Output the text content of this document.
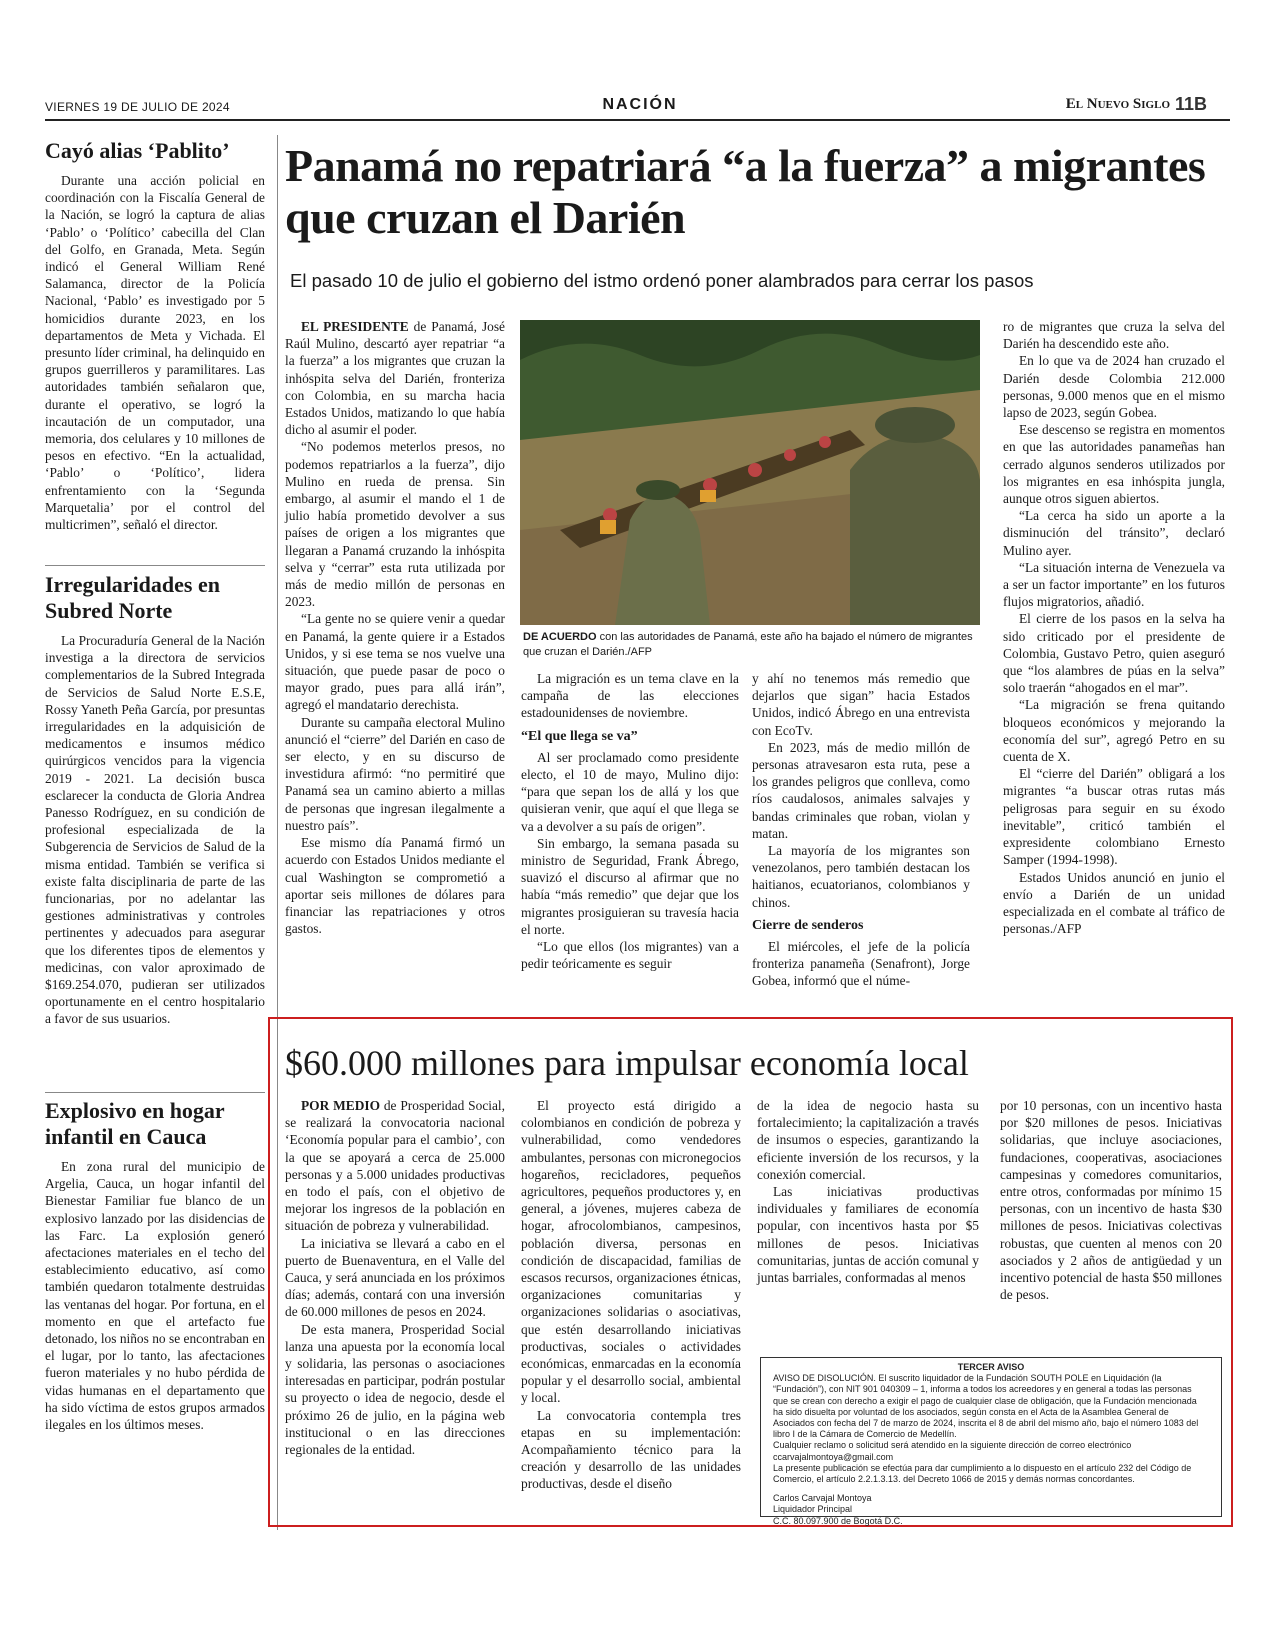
VIERNES 19 DE JULIO DE 2024	NACIÓN	El Nuevo Siglo 11B
Cayó alias ‘Pablito’

Durante una acción policial en coordinación con la Fiscalía General de la Nación, se logró la captura de alias ‘Pablo’ o ‘Político’ cabecilla del Clan del Golfo, en Granada, Meta. Según indicó el General William René Salamanca, director de la Policía Nacional, ‘Pablo’ es investigado por 5 homicidios durante 2023, en los departamentos de Meta y Vichada. El presunto líder criminal, ha delinquido en grupos guerrilleros y paramilitares. Las autoridades también señalaron que, durante el operativo, se logró la incautación de un computador, una memoria, dos celulares y 10 millones de pesos en efectivo. “En la actualidad, ‘Pablo’ o ‘Político’, lidera enfrentamiento con la ‘Segunda Marquetalia’ por el control del multicrimen”, señaló el director.

Irregularidades en Subred Norte

La Procuraduría General de la Nación investiga a la directora de servicios complementarios de la Subred Integrada de Servicios de Salud Norte E.S.E, Rossy Yaneth Peña García, por presuntas irregularidades en la adquisición de medicamentos e insumos médico quirúrgicos vencidos para la vigencia 2019 - 2021. La decisión busca esclarecer la conducta de Gloria Andrea Panesso Rodríguez, en su condición de profesional especializada de la Subgerencia de Servicios de Salud de la misma entidad. También se verifica si existe falta disciplinaria de parte de las funcionarias, por no adelantar las gestiones administrativas y controles pertinentes y adecuados para asegurar que los diferentes tipos de elementos y medicinas, con valor aproximado de $169.254.070, pudieran ser utilizados oportunamente en el centro hospitalario a favor de sus usuarios.

Explosivo en hogar infantil en Cauca

En zona rural del municipio de Argelia, Cauca, un hogar infantil del Bienestar Familiar fue blanco de un explosivo lanzado por las disidencias de las Farc. La explosión generó afectaciones materiales en el techo del establecimiento educativo, así como también quedaron totalmente destruidas las ventanas del hogar. Por fortuna, en el momento en que el artefacto fue detonado, los niños no se encontraban en el lugar, por lo tanto, las afectaciones fueron materiales y no hubo pérdida de vidas humanas en el departamento que ha sido víctima de estos grupos armados ilegales en los últimos meses.

Panamá no repatriará “a la fuerza” a migrantes que cruzan el Darién
El pasado 10 de julio el gobierno del istmo ordenó poner alambrados para cerrar los pasos

EL PRESIDENTE de Panamá, José Raúl Mulino, descartó ayer repatriar “a la fuerza” a los migrantes que cruzan la inhóspita selva del Darién, fronteriza con Colombia, en su marcha hacia Estados Unidos, matizando lo que había dicho al asumir el poder.

“No podemos meterlos presos, no podemos repatriarlos a la fuerza”, dijo Mulino en rueda de prensa. Sin embargo, al asumir el mando el 1 de julio había prometido devolver a sus países de origen a los migrantes que llegaran a Panamá cruzando la inhóspita selva y “cerrar” esta ruta utilizada por más de medio millón de personas en 2023.

“La gente no se quiere venir a quedar en Panamá, la gente quiere ir a Estados Unidos, y si ese tema se nos vuelve una situación, que puede pasar de poco o mayor grado, pues para allá irán”, agregó el mandatario derechista.

Durante su campaña electoral Mulino anunció el “cierre” del Darién en caso de ser electo, y en su discurso de investidura afirmó: “no permitiré que Panamá sea un camino abierto a millas de personas que ingresan ilegalmente a nuestro país”.

Ese mismo día Panamá firmó un acuerdo con Estados Unidos mediante el cual Washington se comprometió a aportar seis millones de dólares para financiar las repatriaciones y otros gastos.

DE ACUERDO con las autoridades de Panamá, este año ha bajado el número de migrantes que cruzan el Darién./AFP

La migración es un tema clave en la campaña de las elecciones estadounidenses de noviembre.

“El que llega se va”

Al ser proclamado como presidente electo, el 10 de mayo, Mulino dijo: “para que sepan los de allá y los que quisieran venir, que aquí el que llega se va a devolver a su país de origen”.

Sin embargo, la semana pasada su ministro de Seguridad, Frank Ábrego, suavizó el discurso al afirmar que no había “más remedio” que dejar que los migrantes prosiguieran su travesía hacia el norte.

“Lo que ellos (los migrantes) van a pedir teóricamente es seguir

y ahí no tenemos más remedio que dejarlos que sigan” hacia Estados Unidos, indicó Ábrego en una entrevista con EcoTv.

En 2023, más de medio millón de personas atravesaron esta ruta, pese a los grandes peligros que conlleva, como ríos caudalosos, animales salvajes y bandas criminales que roban, violan y matan.

La mayoría de los migrantes son venezolanos, pero también destacan los haitianos, ecuatorianos, colombianos y chinos.

Cierre de senderos

El miércoles, el jefe de la policía fronteriza panameña (Senafront), Jorge Gobea, informó que el núme-

ro de migrantes que cruza la selva del Darién ha descendido este año.

En lo que va de 2024 han cruzado el Darién desde Colombia 212.000 personas, 9.000 menos que en el mismo lapso de 2023, según Gobea.

Ese descenso se registra en momentos en que las autoridades panameñas han cerrado algunos senderos utilizados por los migrantes en esa inhóspita jungla, aunque otros siguen abiertos.

“La cerca ha sido un aporte a la disminución del tránsito”, declaró Mulino ayer.

“La situación interna de Venezuela va a ser un factor importante” en los futuros flujos migratorios, añadió.

El cierre de los pasos en la selva ha sido criticado por el presidente de Colombia, Gustavo Petro, quien aseguró que “los alambres de púas en la selva” solo traerán “ahogados en el mar”.

“La migración se frena quitando bloqueos económicos y mejorando la economía del sur”, agregó Petro en su cuenta de X.

El “cierre del Darién” obligará a los migrantes “a buscar otras rutas más peligrosas para seguir en su éxodo inevitable”, criticó también el expresidente colombiano Ernesto Samper (1994-1998).

Estados Unidos anunció en junio el envío a Darién de un unidad especializada en el combate al tráfico de personas./AFP

$60.000 millones para impulsar economía local

POR MEDIO de Prosperidad Social, se realizará la convocatoria nacional ‘Economía popular para el cambio’, con la que se apoyará a cerca de 25.000 personas y a 5.000 unidades productivas en todo el país, con el objetivo de mejorar los ingresos de la población en situación de pobreza y vulnerabilidad.

La iniciativa se llevará a cabo en el puerto de Buenaventura, en el Valle del Cauca, y será anunciada en los próximos días; además, contará con una inversión de 60.000 millones de pesos en 2024.

De esta manera, Prosperidad Social lanza una apuesta por la economía local y solidaria, las personas o asociaciones interesadas en participar, podrán postular su proyecto o idea de negocio, desde el próximo 26 de julio, en la página web institucional o en las direcciones regionales de la entidad.

El proyecto está dirigido a colombianos en condición de pobreza y vulnerabilidad, como vendedores ambulantes, personas con micronegocios hogareños, recicladores, pequeños agricultores, pequeños productores y, en general, a jóvenes, mujeres cabeza de hogar, afrocolombianos, campesinos, población diversa, personas en condición de discapacidad, familias de escasos recursos, organizaciones étnicas, organizaciones comunitarias y organizaciones solidarias o asociativas, que estén desarrollando iniciativas productivas, sociales o actividades económicas, enmarcadas en la economía popular y el desarrollo social, ambiental y local.

La convocatoria contempla tres etapas en su implementación: Acompañamiento técnico para la creación y desarrollo de las unidades productivas, desde el diseño

de la idea de negocio hasta su fortalecimiento; la capitalización a través de insumos o especies, garantizando la eficiente inversión de los recursos, y la conexión comercial.

Las iniciativas productivas individuales y familiares de economía popular, con incentivos hasta por $5 millones de pesos. Iniciativas comunitarias, juntas de acción comunal y juntas barriales, conformadas al menos

por 10 personas, con un incentivo hasta por $20 millones de pesos. Iniciativas solidarias, que incluye asociaciones, fundaciones, cooperativas, asociaciones campesinas y comedores comunitarios, entre otros, conformadas por mínimo 15 personas, con un incentivo de hasta $30 millones de pesos. Iniciativas colectivas robustas, que cuenten al menos con 20 asociados y 2 años de antigüedad y un incentivo potencial de hasta $50 millones de pesos.

TERCER AVISO
AVISO DE DISOLUCIÓN. El suscrito liquidador de la Fundación SOUTH POLE en Liquidación (la “Fundación”), con NIT 901 040309 – 1, informa a todos los acreedores y en general a todas las personas que se crean con derecho a exigir el pago de cualquier clase de obligación, que la Fundación mencionada ha sido disuelta por voluntad de los asociados, según consta en el Acta de la Asamblea General de Asociados con fecha del 7 de marzo de 2024, inscrita el 8 de abril del mismo año, bajo el número 1083 del libro I de la Cámara de Comercio de Medellín.
Cualquier reclamo o solicitud será atendido en la siguiente dirección de correo electrónico ccarvajalmontoya@gmail.com
La presente publicación se efectúa para dar cumplimiento a lo dispuesto en el artículo 232 del Código de Comercio, el artículo 2.2.1.3.13. del Decreto 1066 de 2015 y demás normas concordantes.
Carlos Carvajal Montoya
Liquidador Principal
C.C. 80.097.900 de Bogotá D.C.
